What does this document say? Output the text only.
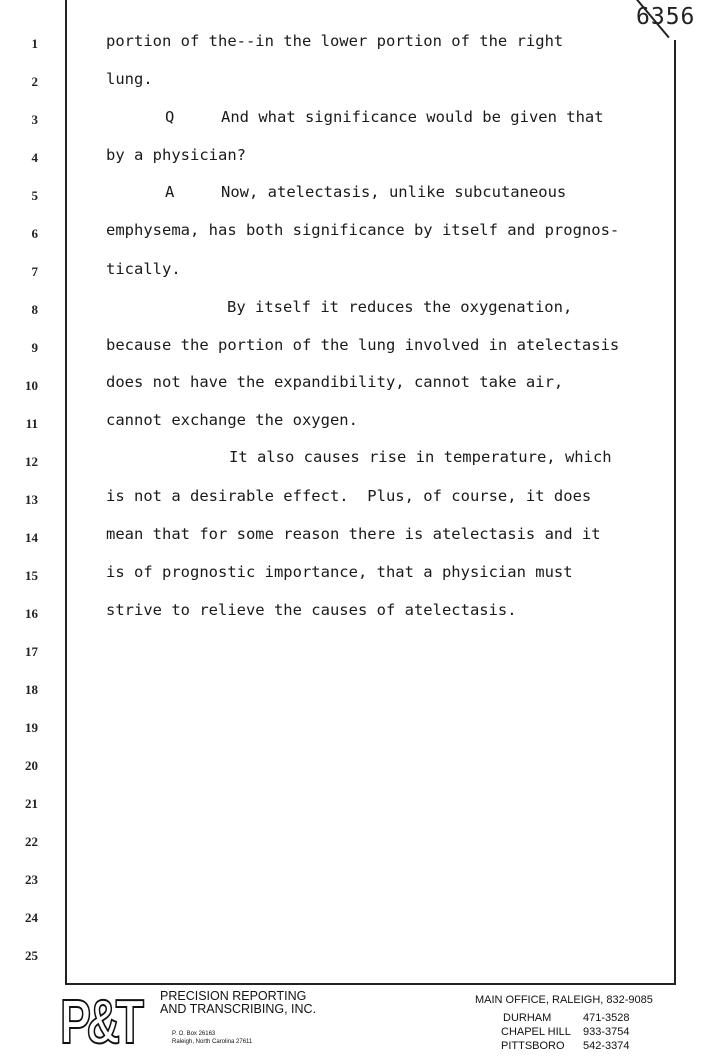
6356
1
2
3
4
5
6
7
8
9
10
11
12
13
14
15
16
17
18
19
20
21
22
23
24
25
portion of the--in the lower portion of the right
lung.
Q     And what significance would be given that
by a physician?
A     Now, atelectasis, unlike subcutaneous
emphysema, has both significance by itself and prognos-
tically.
By itself it reduces the oxygenation,
because the portion of the lung involved in atelectasis
does not have the expandibility, cannot take air,
cannot exchange the oxygen.
It also causes rise in temperature, which
is not a desirable effect.  Plus, of course, it does
mean that for some reason there is atelectasis and it
is of prognostic importance, that a physician must
strive to relieve the causes of atelectasis.
P&T PRECISION REPORTING
AND TRANSCRIBING, INC.
P. O. Box 26163
Raleigh, North Carolina 27611
MAIN OFFICE, RALEIGH, 832-9085
DURHAM	471-3528
CHAPEL HILL 933-3754
PITTSBORO 542-3374
